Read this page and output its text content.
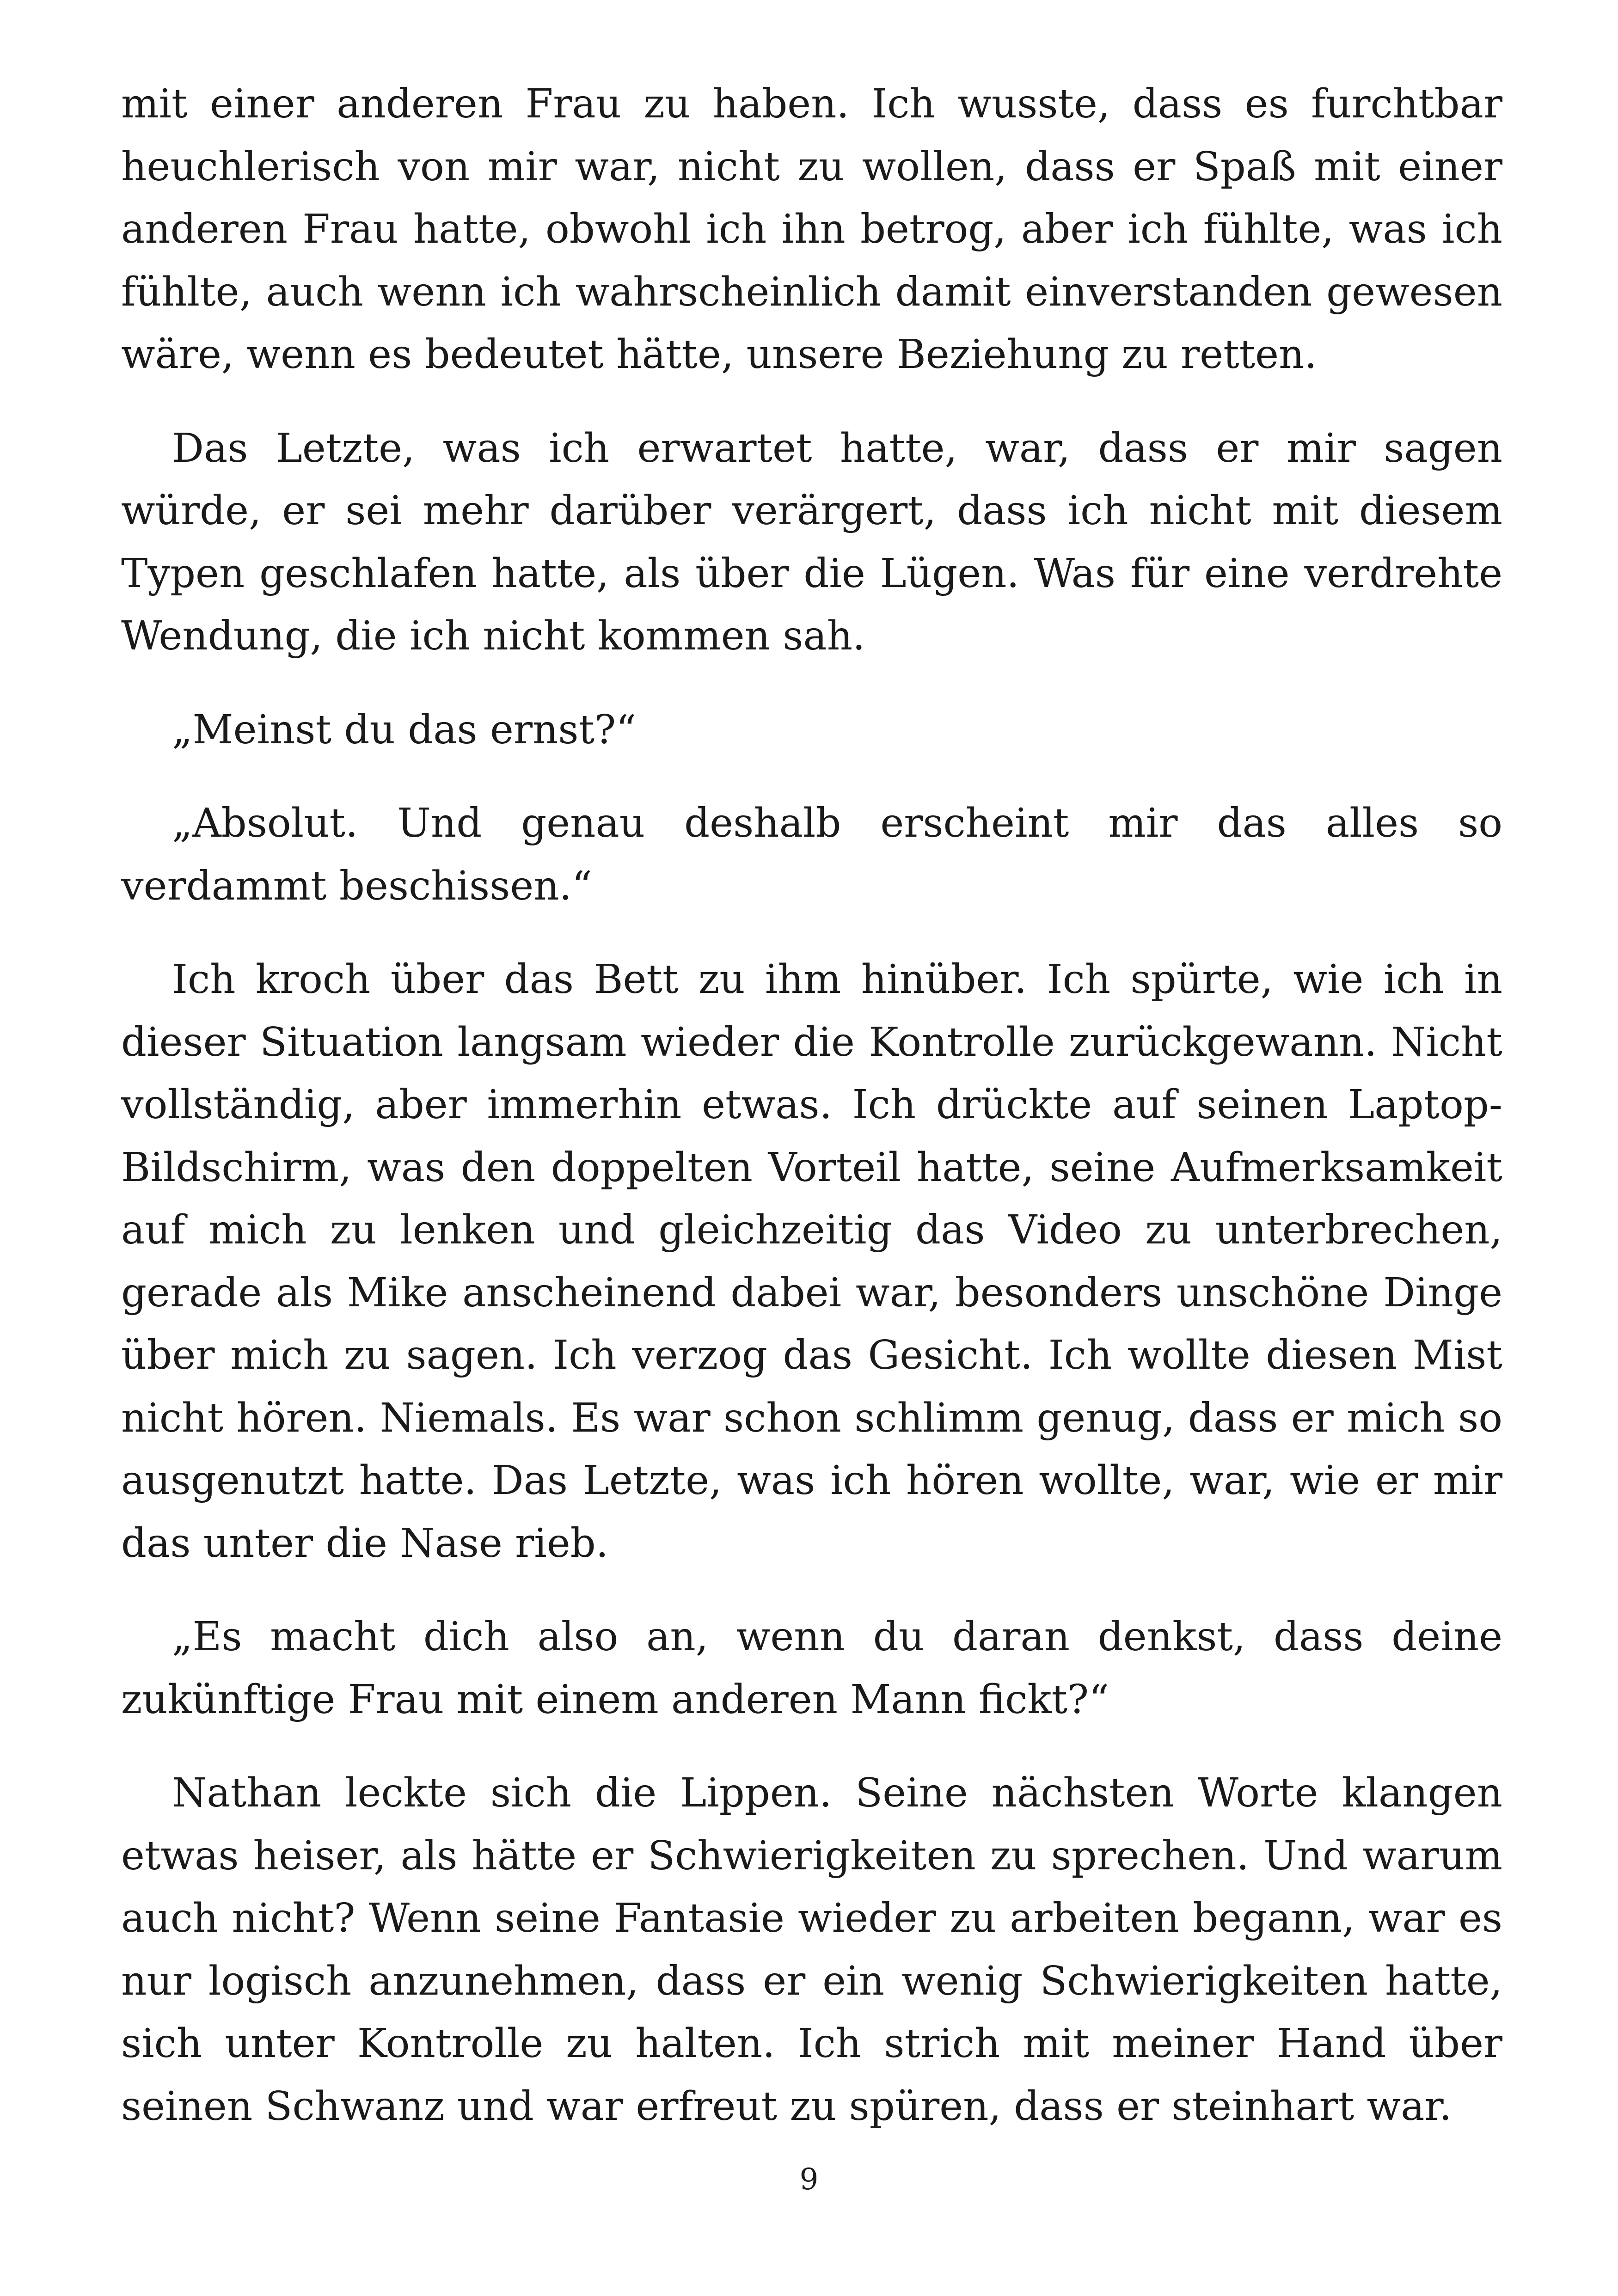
mit einer anderen Frau zu haben. Ich wusste, dass es furchtbar heuchlerisch von mir war, nicht zu wollen, dass er Spaß mit einer anderen Frau hatte, obwohl ich ihn betrog, aber ich fühlte, was ich fühlte, auch wenn ich wahrscheinlich damit einverstanden gewesen wäre, wenn es bedeutet hätte, unsere Beziehung zu retten.

Das Letzte, was ich erwartet hatte, war, dass er mir sagen würde, er sei mehr darüber verärgert, dass ich nicht mit diesem Typen geschlafen hatte, als über die Lügen. Was für eine verdrehte Wendung, die ich nicht kommen sah.

„Meinst du das ernst?“

„Absolut. Und genau deshalb erscheint mir das alles so verdammt beschissen.“

Ich kroch über das Bett zu ihm hinüber. Ich spürte, wie ich in dieser Situation langsam wieder die Kontrolle zurückgewann. Nicht vollständig, aber immerhin etwas. Ich drückte auf seinen Laptop-Bildschirm, was den doppelten Vorteil hatte, seine Aufmerksamkeit auf mich zu lenken und gleichzeitig das Video zu unterbrechen, gerade als Mike anscheinend dabei war, besonders unschöne Dinge über mich zu sagen. Ich verzog das Gesicht. Ich wollte diesen Mist nicht hören. Niemals. Es war schon schlimm genug, dass er mich so ausgenutzt hatte. Das Letzte, was ich hören wollte, war, wie er mir das unter die Nase rieb.

„Es macht dich also an, wenn du daran denkst, dass deine zukünftige Frau mit einem anderen Mann fickt?“

Nathan leckte sich die Lippen. Seine nächsten Worte klangen etwas heiser, als hätte er Schwierigkeiten zu sprechen. Und warum auch nicht? Wenn seine Fantasie wieder zu arbeiten begann, war es nur logisch anzunehmen, dass er ein wenig Schwierigkeiten hatte, sich unter Kontrolle zu halten. Ich strich mit meiner Hand über seinen Schwanz und war erfreut zu spüren, dass er steinhart war.

9
